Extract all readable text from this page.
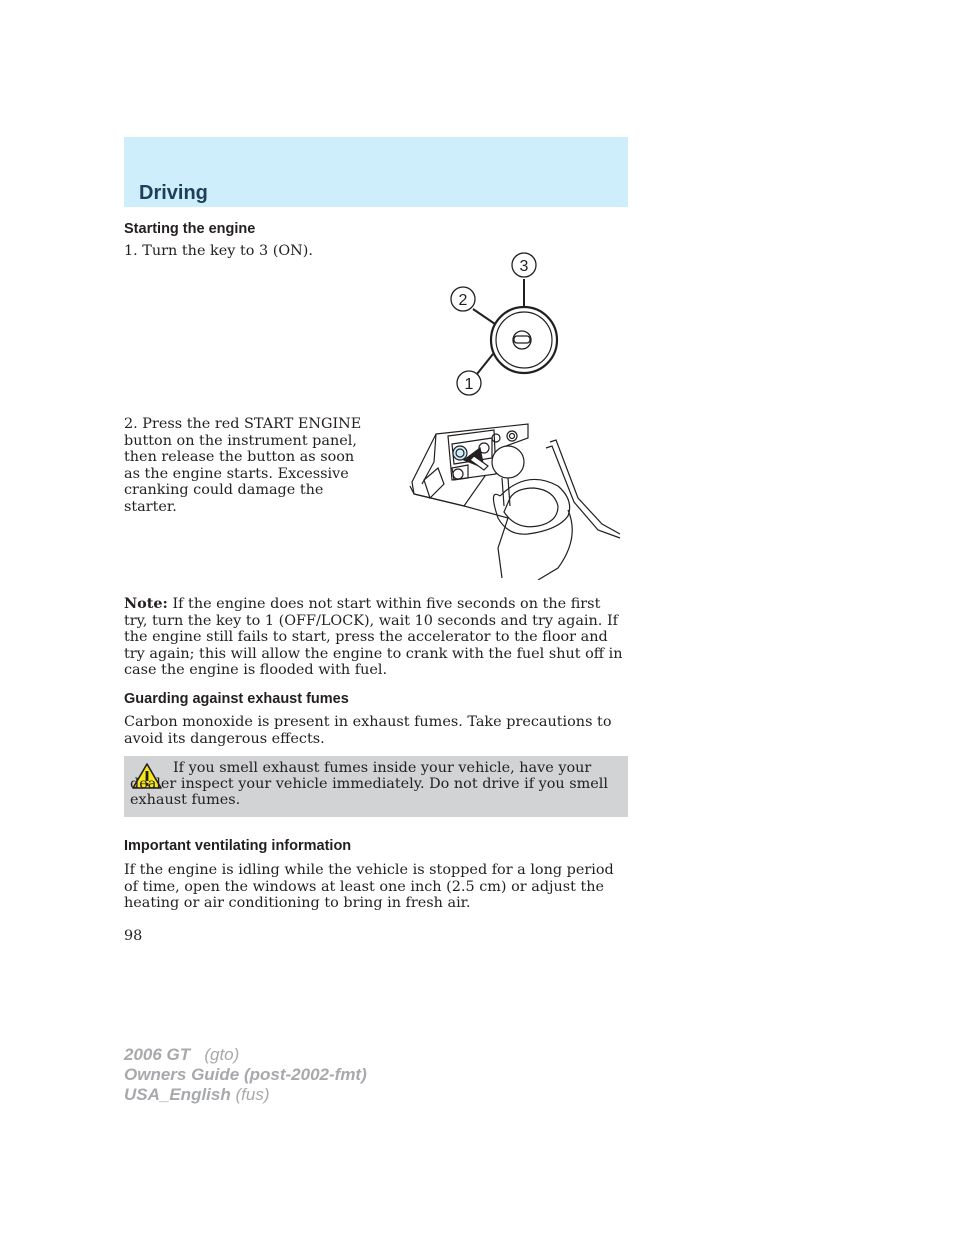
Driving
Starting the engine

1. Turn the key to 3 (ON).

1
2
3

2. Press the red START ENGINE button on the instrument panel, then release the button as soon as the engine starts. Excessive cranking could damage the starter.

Note: If the engine does not start within five seconds on the first try, turn the key to 1 (OFF/LOCK), wait 10 seconds and try again. If the engine still fails to start, press the accelerator to the floor and try again; this will allow the engine to crank with the fuel shut off in case the engine is flooded with fuel.

Guarding against exhaust fumes

Carbon monoxide is present in exhaust fumes. Take precautions to avoid its dangerous effects.

If you smell exhaust fumes inside your vehicle, have your dealer inspect your vehicle immediately. Do not drive if you smell exhaust fumes.

Important ventilating information

If the engine is idling while the vehicle is stopped for a long period of time, open the windows at least one inch (2.5 cm) or adjust the heating or air conditioning to bring in fresh air.

98

2006 GT (gto)
Owners Guide (post-2002-fmt)
USA_English (fus)
